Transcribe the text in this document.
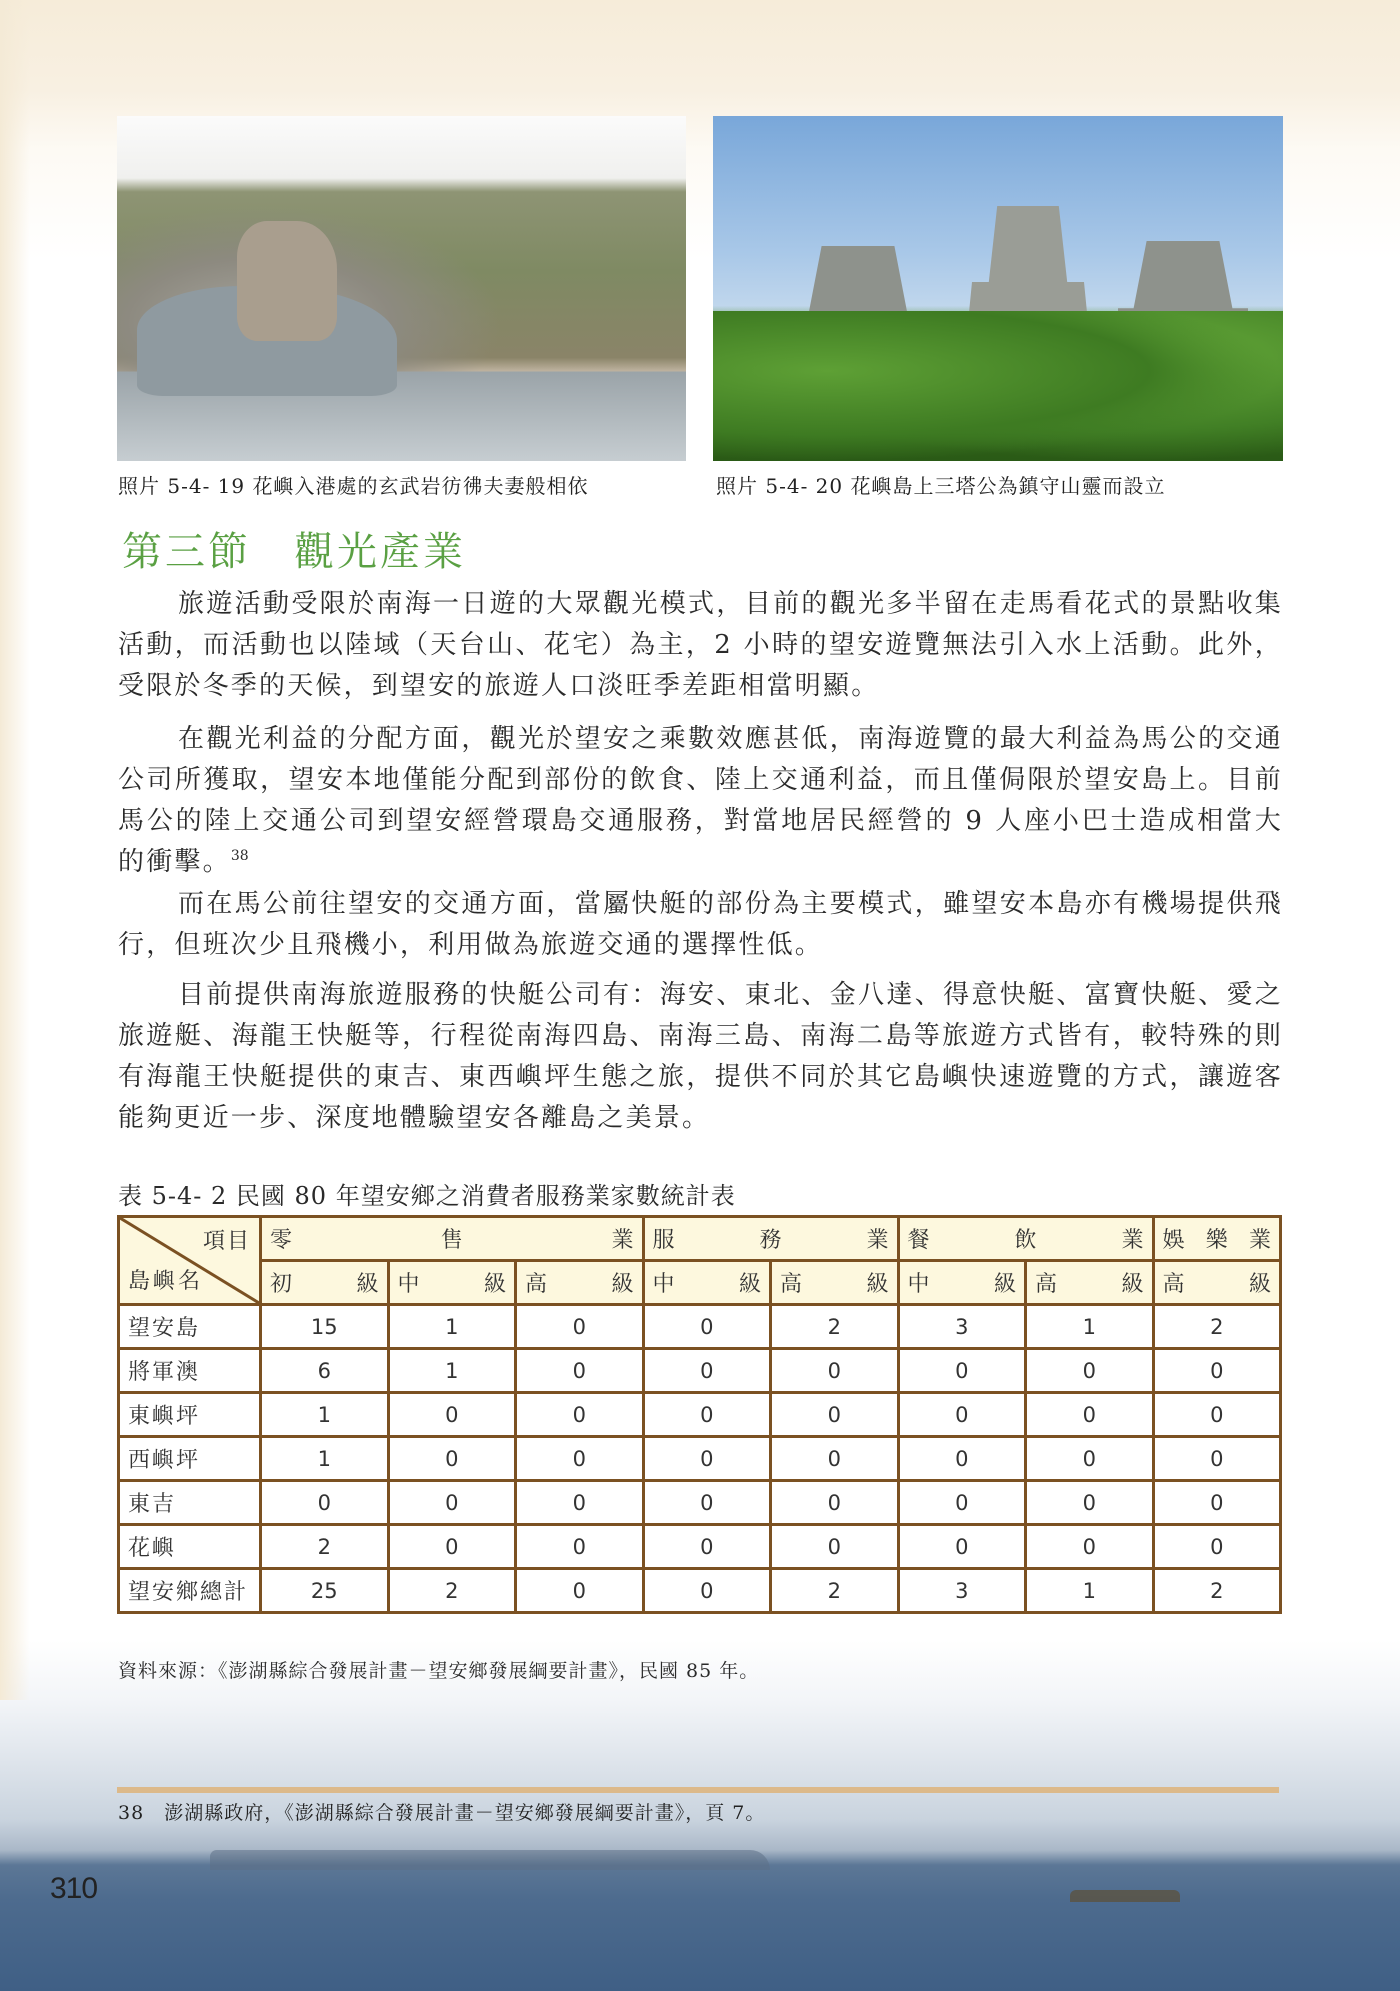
照片 5-4- 19 花嶼入港處的玄武岩彷彿夫妻般相依	照片 5-4- 20 花嶼島上三塔公為鎮守山靈而設立
第三節　觀光產業

旅遊活動受限於南海一日遊的大眾觀光模式，目前的觀光多半留在走馬看花式的景點收集活動，而活動也以陸域（天台山、花宅）為主，2 小時的望安遊覽無法引入水上活動。此外，受限於冬季的天候，到望安的旅遊人口淡旺季差距相當明顯。

在觀光利益的分配方面，觀光於望安之乘數效應甚低，南海遊覽的最大利益為馬公的交通公司所獲取，望安本地僅能分配到部份的飲食、陸上交通利益，而且僅侷限於望安島上。目前馬公的陸上交通公司到望安經營環島交通服務，對當地居民經營的 9 人座小巴士造成相當大的衝擊。$^{38}$

而在馬公前往望安的交通方面，當屬快艇的部份為主要模式，雖望安本島亦有機場提供飛行，但班次少且飛機小，利用做為旅遊交通的選擇性低。

目前提供南海旅遊服務的快艇公司有：海安、東北、金八達、得意快艇、富寶快艇、愛之旅遊艇、海龍王快艇等，行程從南海四島、南海三島、南海二島等旅遊方式皆有，較特殊的則有海龍王快艇提供的東吉、東西嶼坪生態之旅，提供不同於其它島嶼快速遊覽的方式，讓遊客能夠更近一步、深度地體驗望安各離島之美景。

表 5-4- 2 民國 80 年望安鄉之消費者服務業家數統計表
項目
島嶼名	零 售 業			服 務 業		餐 飲 業		娛 樂 業

	初 級	中 級	高 級	中 級	高 級	中 級	高 級	高 級

望安島	15	1	0	0	2	3	1	2
將軍澳	6	1	0	0	0	0	0	0
東嶼坪	1	0	0	0	0	0	0	0
西嶼坪	1	0	0	0	0	0	0	0
東吉	0	0	0	0	0	0	0	0
花嶼	2	0	0	0	0	0	0	0
望安鄉總計	25	2	0	0	2	3	1	2
資料來源：《澎湖縣綜合發展計畫－望安鄉發展綱要計畫》，民國 85 年。
38 澎湖縣政府，《澎湖縣綜合發展計畫－望安鄉發展綱要計畫》，頁 7。
310
